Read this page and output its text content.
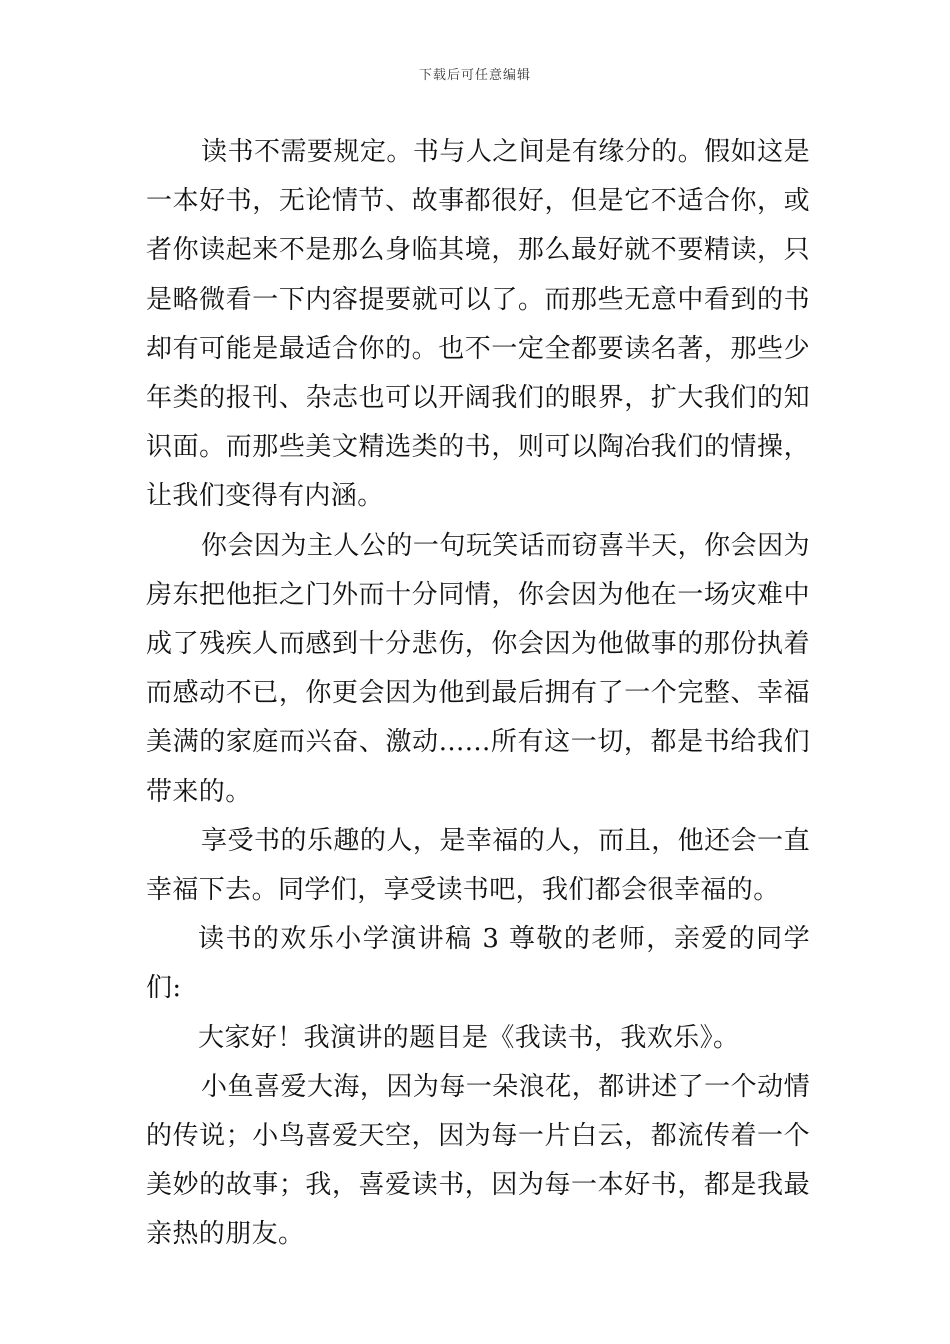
下载后可任意编辑

读书不需要规定。书与人之间是有缘分的。假如这是一本好书，无论情节、故事都很好，但是它不适合你，或者你读起来不是那么身临其境，那么最好就不要精读，只是略微看一下内容提要就可以了。而那些无意中看到的书却有可能是最适合你的。也不一定全都要读名著，那些少年类的报刊、杂志也可以开阔我们的眼界，扩大我们的知识面。而那些美文精选类的书，则可以陶冶我们的情操，让我们变得有内涵。

你会因为主人公的一句玩笑话而窃喜半天，你会因为房东把他拒之门外而十分同情，你会因为他在一场灾难中成了残疾人而感到十分悲伤，你会因为他做事的那份执着而感动不已，你更会因为他到最后拥有了一个完整、幸福美满的家庭而兴奋、激动......所有这一切，都是书给我们带来的。

享受书的乐趣的人，是幸福的人，而且，他还会一直幸福下去。同学们，享受读书吧，我们都会很幸福的。

读书的欢乐小学演讲稿 3 尊敬的老师，亲爱的同学们:

大家好！我演讲的题目是《我读书，我欢乐》。

小鱼喜爱大海，因为每一朵浪花，都讲述了一个动情的传说；小鸟喜爱天空，因为每一片白云，都流传着一个美妙的故事；我，喜爱读书，因为每一本好书，都是我最亲热的朋友。
